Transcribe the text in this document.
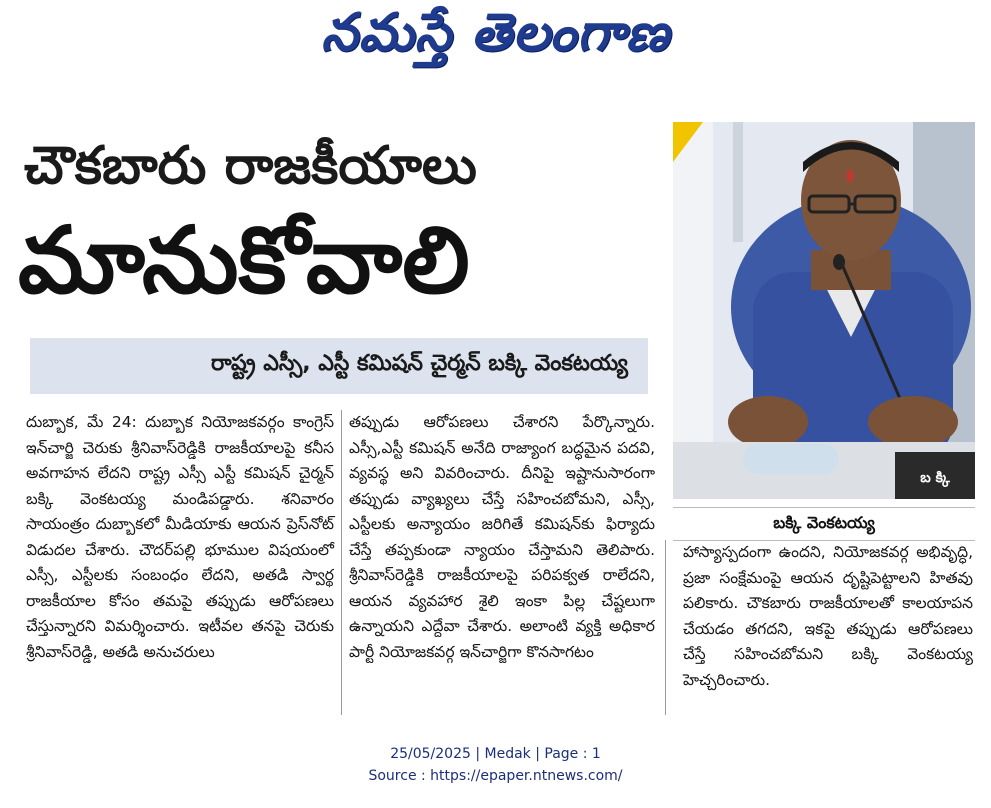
నమస్తే తెలంగాణ
చౌకబారు రాజకీయాలు
మానుకోవాలి
రాష్ట్ర ఎస్సీ, ఎస్టీ కమిషన్ చైర్మన్ బక్కి వెంకటయ్య
బ క్కి
బక్కి వెంకటయ్య

దుబ్బాక, మే 24: దుబ్బాక నియోజకవర్గం కాంగ్రెస్ ఇన్‌చార్జి చెరుకు శ్రీనివాస్‌రెడ్డికి రాజకీయాలపై కనీస అవగాహన లేదని రాష్ట్ర ఎస్సీ ఎస్టీ కమిషన్ చైర్మన్ బక్కి వెంకటయ్య మండిపడ్డారు. శనివారం సాయంత్రం దుబ్బాకలో మీడియాకు ఆయన ప్రెస్‌నోట్ విడుదల చేశారు. చౌదర్‌పల్లి భూముల విషయంలో ఎస్సీ, ఎస్టీలకు సంబంధం లేదని, అతడి స్వార్థ రాజకీయాల కోసం తమపై తప్పుడు ఆరోపణలు చేస్తున్నారని విమర్శించారు. ఇటీవల తనపై చెరుకు శ్రీనివాస్‌రెడ్డి, అతడి అనుచరులు

తప్పుడు ఆరోపణలు చేశారని పేర్కొన్నారు. ఎస్సీ,ఎస్టీ కమిషన్ అనేది రాజ్యాంగ బద్ధమైన పదవి, వ్యవస్థ అని వివరించారు. దీనిపై ఇష్టానుసారంగా తప్పుడు వ్యాఖ్యలు చేస్తే సహించబోమని, ఎస్సీ, ఎస్టీలకు అన్యాయం జరిగితే కమిషన్‌కు ఫిర్యాదు చేస్తే తప్పకుండా న్యాయం చేస్తామని తెలిపారు. శ్రీనివాస్‌రెడ్డికి రాజకీయాలపై పరిపక్వత రాలేదని, ఆయన వ్యవహార శైలి ఇంకా పిల్ల చేష్టలుగా ఉన్నాయని ఎద్దేవా చేశారు. అలాంటి వ్యక్తి అధికార పార్టీ నియోజకవర్గ ఇన్‌చార్జిగా కొనసాగటం

హాస్యాస్పదంగా ఉందని, నియోజకవర్గ అభివృద్ధి, ప్రజా సంక్షేమంపై ఆయన దృష్టిపెట్టాలని హితవు పలికారు. చౌకబారు రాజకీయాలతో కాలయాపన చేయడం తగదని, ఇకపై తప్పుడు ఆరోపణలు చేస్తే సహించబోమని బక్కి వెంకటయ్య హెచ్చరించారు.

25/05/2025 | Medak | Page : 1
Source : https://epaper.ntnews.com/
